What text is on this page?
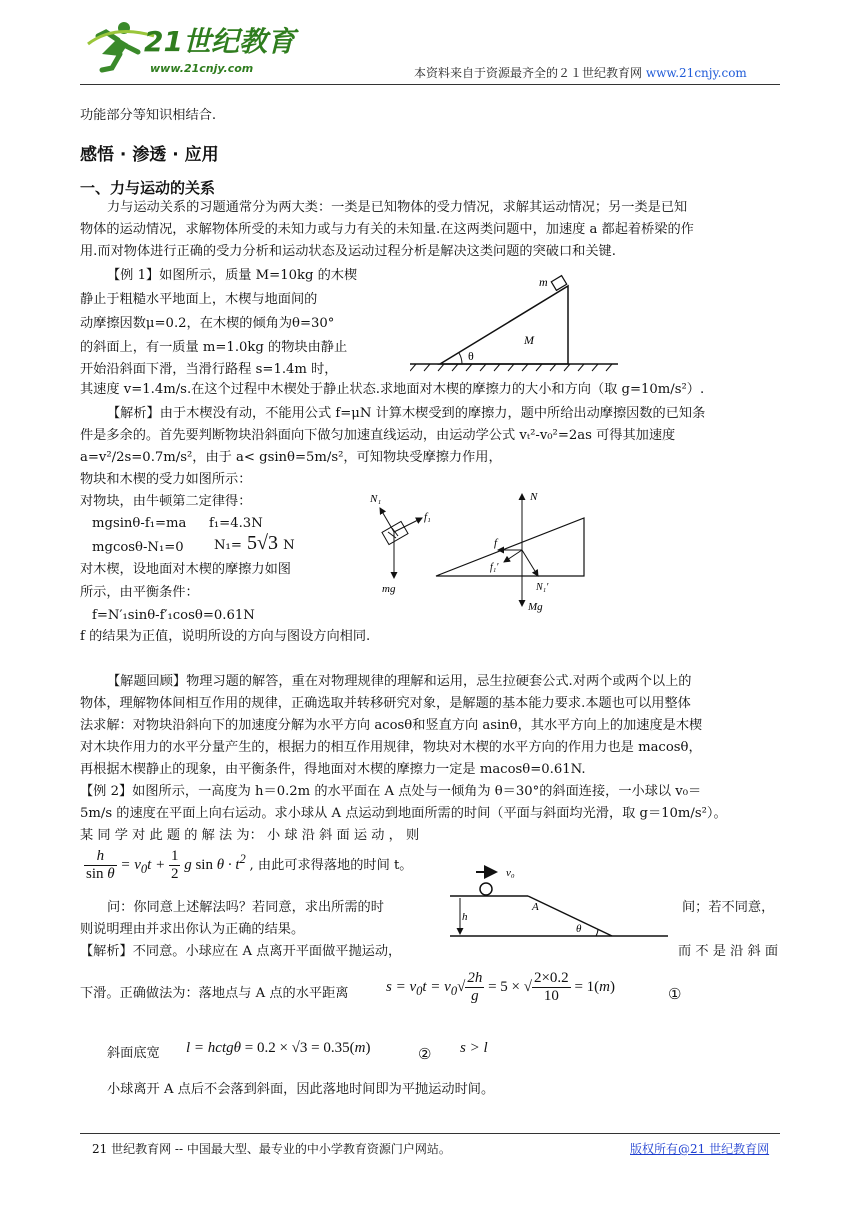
21世纪教育
www.21cnjy.com	本资料来自于资源最齐全的２１世纪教育网 www.21cnjy.com

功能部分等知识相结合.

感悟 · 渗透 · 应用
一、力与运动的关系

力与运动关系的习题通常分为两大类：一类是已知物体的受力情况，求解其运动情况；另一类是已知

物体的运动情况，求解物体所受的未知力或与力有关的未知量.在这两类问题中，加速度 a 都起着桥梁的作

用.而对物体进行正确的受力分析和运动状态及运动过程分析是解决这类问题的突破口和关键.

【例 1】如图所示，质量 M=10kg 的木楔

静止于粗糙水平地面上，木楔与地面间的

动摩擦因数μ=0.2，在木楔的倾角为θ=30°

的斜面上，有一质量 m=1.0kg 的物块由静止

开始沿斜面下滑，当滑行路程 s=1.4m 时，

其速度 v=1.4m/s.在这个过程中木楔处于静止状态.求地面对木楔的摩擦力的大小和方向（取 g=10m/s²）.

m
M
θ

【解析】由于木楔没有动，不能用公式 f=μN 计算木楔受到的摩擦力，题中所给出动摩擦因数的已知条

件是多余的。首先要判断物块沿斜面向下做匀加速直线运动，由运动学公式 vₜ²-v₀²=2as 可得其加速度

a=v²/2s=0.7m/s²，由于 a< gsinθ=5m/s²，可知物块受摩擦力作用，

物块和木楔的受力如图所示：

对物块，由牛顿第二定律得：

mgsinθ-f₁=ma f₁=4.3N

mgcosθ-N₁=0 N₁= 5√3 N

对木楔，设地面对木楔的摩擦力如图

所示，由平衡条件：

f=N′₁sinθ-f′₁cosθ=0.61N

f 的结果为正值，说明所设的方向与图设方向相同.

N₁
f₁
mg
N
f
f₁′
N₁′
Mg

【解题回顾】物理习题的解答，重在对物理规律的理解和运用，忌生拉硬套公式.对两个或两个以上的

物体，理解物体间相互作用的规律，正确选取并转移研究对象，是解题的基本能力要求.本题也可以用整体

法求解：对物块沿斜向下的加速度分解为水平方向 acosθ和竖直方向 asinθ，其水平方向上的加速度是木楔

对木块作用力的水平分量产生的，根据力的相互作用规律，物块对木楔的水平方向的作用力也是 macosθ，

再根据木楔静止的现象，由平衡条件，得地面对木楔的摩擦力一定是 macosθ=0.61N.

【例 2】如图所示，一高度为 h＝0.2m 的水平面在 A 点处与一倾角为 θ＝30°的斜面连接，一小球以 v₀＝

5m/s 的速度在平面上向右运动。求小球从 A 点运动到地面所需的时间（平面与斜面均光滑，取 g＝10m/s²）。

某 同 学 对 此 题 的 解 法 为： 小 球 沿 斜 面 运 动 ， 则

$\frac{h}{\text{sin θ}} = v_0t + \frac{1}{2}$ g $\sin \theta \cdot t^2$ , 由此可求得落地的时间 t。

问：你同意上述解法吗？若同意，求出所需的时	间；若不同意，

则说明理由并求出你认为正确的结果。

v₀
h
A
θ

【解析】不同意。小球应在 A 点离开平面做平抛运动，	而 不 是 沿 斜 面

下滑。正确做法为：落地点与 A 点的水平距离	$s = v_0t = v_0√ \frac{2h}{g} = 5$ × √ $\frac{2\times 0.2}{10} = 1(m)$	①

斜面底宽 l = hctgθ = 0.2 × √3 = 0.35(m)	② s > l

小球离开 A 点后不会落到斜面，因此落地时间即为平抛运动时间。

21 世纪教育网 -- 中国最大型、最专业的中小学教育资源门户网站。	版权所有@21 世纪教育网
